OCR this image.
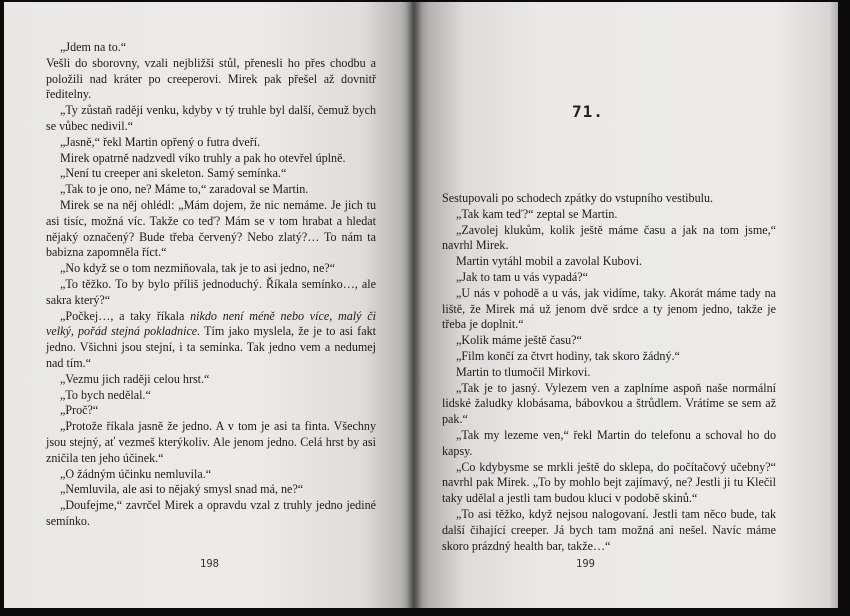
„Jdem na to.“

Vešli do sborovny, vzali nejbližší stůl, přenesli ho přes chodbu a položili nad kráter po creeperovi. Mirek pak přešel až dovnitř ředitelny.

„Ty zůstaň raději venku, kdyby v tý truhle byl další, čemuž bych se vůbec nedivil.“

„Jasně,“ řekl Martin opřený o futra dveří.

Mirek opatrně nadzvedl víko truhly a pak ho otevřel úplně.

„Není tu creeper ani skeleton. Samý semínka.“

„Tak to je ono, ne? Máme to,“ zaradoval se Martin.

Mirek se na něj ohlédl: „Mám dojem, že nic nemáme. Je jich tu asi tisíc, možná víc. Takže co teď? Mám se v tom hrabat a hledat nějaký označený? Bude třeba červený? Nebo zlatý?… To nám ta babizna zapomněla říct.“

„No když se o tom nezmiňovala, tak je to asi jedno, ne?“

„To těžko. To by bylo příliš jednoduchý. Říkala semínko…, ale sakra který?“

„Počkej…, a taky říkala nikdo není méně nebo více, malý či velký, pořád stejná pokladnice. Tím jako myslela, že je to asi fakt jedno. Všichni jsou stejní, i ta semínka. Tak jedno vem a nedumej nad tím.“

„Vezmu jich raději celou hrst.“

„To bych nedělal.“

„Proč?“

„Protože říkala jasně že jedno. A v tom je asi ta finta. Všechny jsou stejný, ať vezmeš kterýkoliv. Ale jenom jedno. Celá hrst by asi zničila ten jeho účinek.“

„O žádným účinku nemluvila.“

„Nemluvila, ale asi to nějaký smysl snad má, ne?“

„Doufejme,“ zavrčel Mirek a opravdu vzal z truhly jedno jediné semínko.

198
71.

Sestupovali po schodech zpátky do vstupního vestibulu.

„Tak kam teď?“ zeptal se Martin.

„Zavolej klukům, kolik ještě máme času a jak na tom jsme,“ navrhl Mirek.

Martin vytáhl mobil a zavolal Kubovi.

„Jak to tam u vás vypadá?“

„U nás v pohodě a u vás, jak vidíme, taky. Akorát máme tady na liště, že Mirek má už jenom dvě srdce a ty jenom jedno, takže je třeba je doplnit.“

„Kolik máme ještě času?“

„Film končí za čtvrt hodiny, tak skoro žádný.“

Martin to tlumočil Mirkovi.

„Tak je to jasný. Vylezem ven a zaplníme aspoň naše normální lidské žaludky klobásama, bábovkou a štrůdlem. Vrátíme se sem až pak.“

„Tak my lezeme ven,“ řekl Martin do telefonu a schoval ho do kapsy.

„Co kdybysme se mrkli ještě do sklepa, do počítačový učebny?“ navrhl pak Mirek. „To by mohlo bejt zajímavý, ne? Jestli ji tu Klečil taky udělal a jestli tam budou kluci v podobě skinů.“

„To asi těžko, když nejsou nalogovaní. Jestli tam něco bude, tak další čihající creeper. Já bych tam možná ani nešel. Navíc máme skoro prázdný health bar, takže…“

199
